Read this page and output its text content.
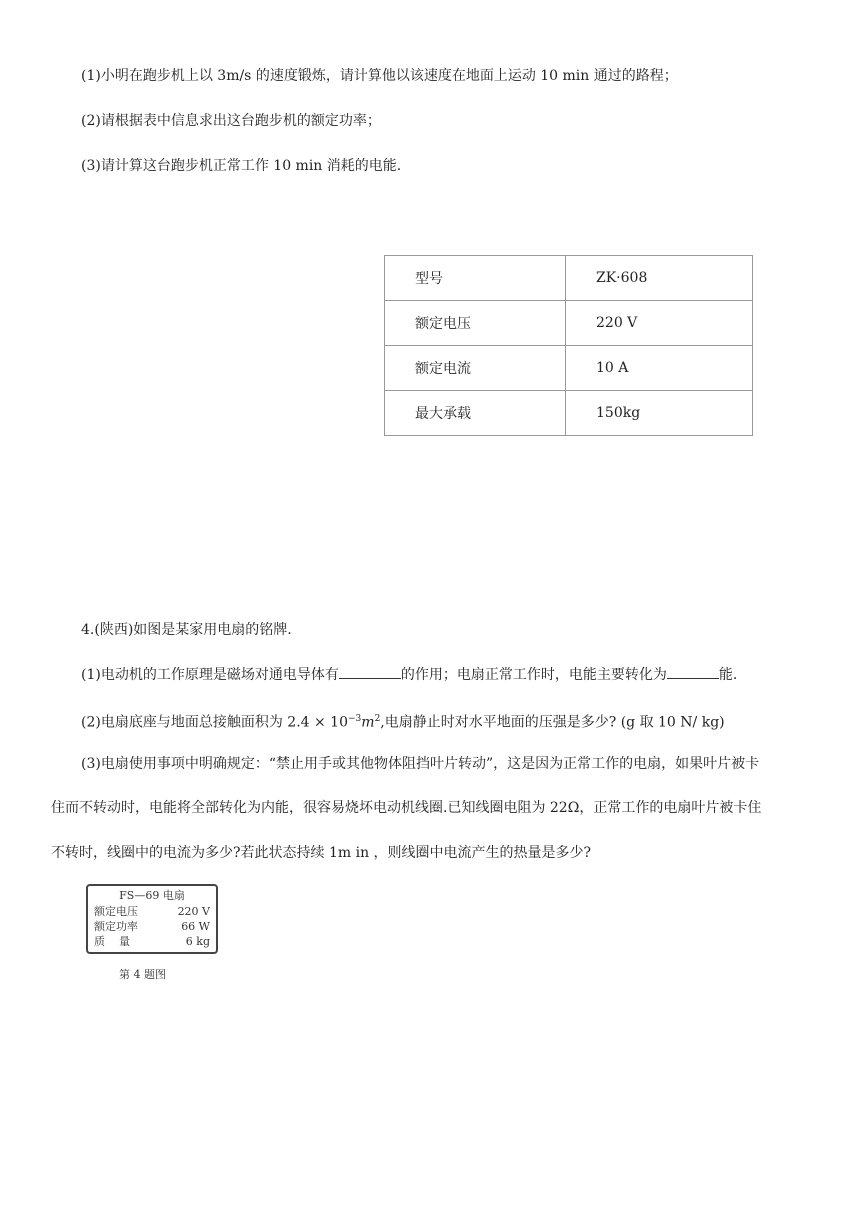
(1)小明在跑步机上以 3m/s 的速度锻炼，请计算他以该速度在地面上运动 10 min 通过的路程；
(2)请根据表中信息求出这台跑步机的额定功率；
(3)请计算这台跑步机正常工作 10 min 消耗的电能.
型号	ZK·608
额定电压	220 V
额定电流	10 A
最大承载	150kg
4.(陕西)如图是某家用电扇的铭牌.
(1)电动机的工作原理是磁场对通电导体有	的作用；电扇正常工作时，电能主要转化为	能.
(2)电扇底座与地面总接触面积为 $2.4 \times 10^{-3}m^2$,电扇静止时对水平地面的压强是多少? (g 取 10 N/ kg)
(3)电扇使用事项中明确规定：“禁止用手或其他物体阻挡叶片转动”，这是因为正常工作的电扇，如果叶片被卡
住而不转动时，电能将全部转化为内能，很容易烧坏电动机线圈.已知线圈电阻为 22Ω，正常工作的电扇叶片被卡住
不转时，线圈中的电流为多少?若此状态持续 1m in ，则线圈中电流产生的热量是多少?
FS—69 电扇
额定电压	220 V
额定功率	66 W
质    量	6 kg
第 4 题图
